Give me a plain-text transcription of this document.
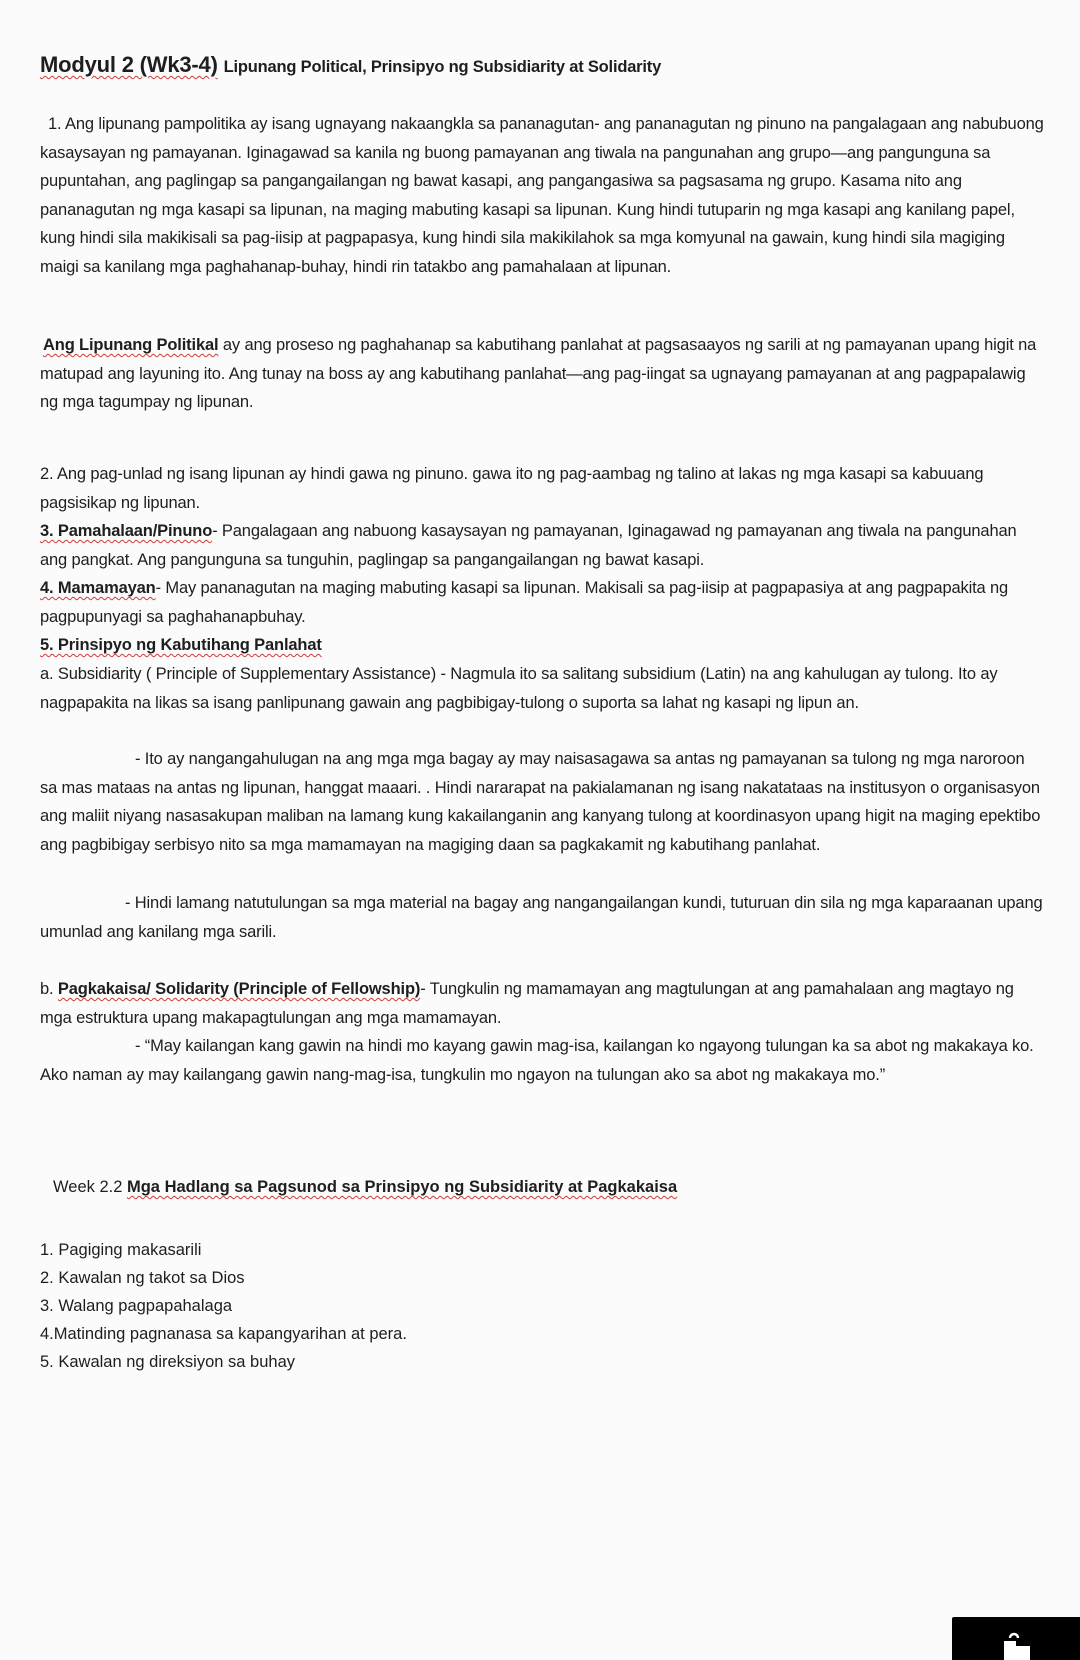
Modyul 2 (Wk3-4) Lipunang Political, Prinsipyo ng Subsidiarity at Solidarity
1. Ang lipunang pampolitika ay isang ugnayang nakaangkla sa pananagutan- ang pananagutan ng pinuno na pangalagaan ang nabubuong kasaysayan ng pamayanan. Iginagawad sa kanila ng buong pamayanan ang tiwala na pangunahan ang grupo—ang pangunguna sa pupuntahan, ang paglingap sa pangangailangan ng bawat kasapi, ang pangangasiwa sa pagsasama ng grupo. Kasama nito ang pananagutan ng mga kasapi sa lipunan, na maging mabuting kasapi sa lipunan. Kung hindi tutuparin ng mga kasapi ang kanilang papel, kung hindi sila makikisali sa pag-iisip at pagpapasya, kung hindi sila makikilahok sa mga komyunal na gawain, kung hindi sila magiging maigi sa kanilang mga paghahanap-buhay, hindi rin tatakbo ang pamahalaan at lipunan.
Ang Lipunang Politikal ay ang proseso ng paghahanap sa kabutihang panlahat at pagsasaayos ng sarili at ng pamayanan upang higit na matupad ang layuning ito. Ang tunay na boss ay ang kabutihang panlahat—ang pag-iingat sa ugnayang pamayanan at ang pagpapalawig ng mga tagumpay ng lipunan.
2. Ang pag-unlad ng isang lipunan ay hindi gawa ng pinuno. gawa ito ng pag-aambag ng talino at lakas ng mga kasapi sa kabuuang pagsisikap ng lipunan.
3. Pamahalaan/Pinuno- Pangalagaan ang nabuong kasaysayan ng pamayanan, Iginagawad ng pamayanan ang tiwala na pangunahan ang pangkat. Ang pangunguna sa tunguhin, paglingap sa pangangailangan ng bawat kasapi.
4. Mamamayan- May pananagutan na maging mabuting kasapi sa lipunan. Makisali sa pag-iisip at pagpapasiya at ang pagpapakita ng pagpupunyagi sa paghahanapbuhay.
5. Prinsipyo ng Kabutihang Panlahat
a. Subsidiarity ( Principle of Supplementary Assistance) - Nagmula ito sa salitang subsidium (Latin) na ang kahulugan ay tulong. Ito ay nagpapakita na likas sa isang panlipunang gawain ang pagbibigay-tulong o suporta sa lahat ng kasapi ng lipun an.
- Ito ay nangangahulugan na ang mga mga bagay ay may naisasagawa sa antas ng pamayanan sa tulong ng mga naroroon sa mas mataas na antas ng lipunan, hanggat maaari. . Hindi nararapat na pakialamanan ng isang nakatataas na institusyon o organisasyon ang maliit niyang nasasakupan maliban na lamang kung kakailanganin ang kanyang tulong at koordinasyon upang higit na maging epektibo ang pagbibigay serbisyo nito sa mga mamamayan na magiging daan sa pagkakamit ng kabutihang panlahat.
- Hindi lamang natutulungan sa mga material na bagay ang nangangailangan kundi, tuturuan din sila ng mga kaparaanan upang umunlad ang kanilang mga sarili.
b. Pagkakaisa/ Solidarity (Principle of Fellowship)- Tungkulin ng mamamayan ang magtulungan at ang pamahalaan ang magtayo ng mga estruktura upang makapagtulungan ang mga mamamayan.
- “May kailangan kang gawin na hindi mo kayang gawin mag-isa, kailangan ko ngayong tulungan ka sa abot ng makakaya ko. Ako naman ay may kailangang gawin nang-mag-isa, tungkulin mo ngayon na tulungan ako sa abot ng makakaya mo.”
Week 2.2 Mga Hadlang sa Pagsunod sa Prinsipyo ng Subsidiarity at Pagkakaisa
1. Pagiging makasarili
2. Kawalan ng takot sa Dios
3. Walang pagpapahalaga
4.Matinding pagnanasa sa kapangyarihan at pera.
5. Kawalan ng direksiyon sa buhay
